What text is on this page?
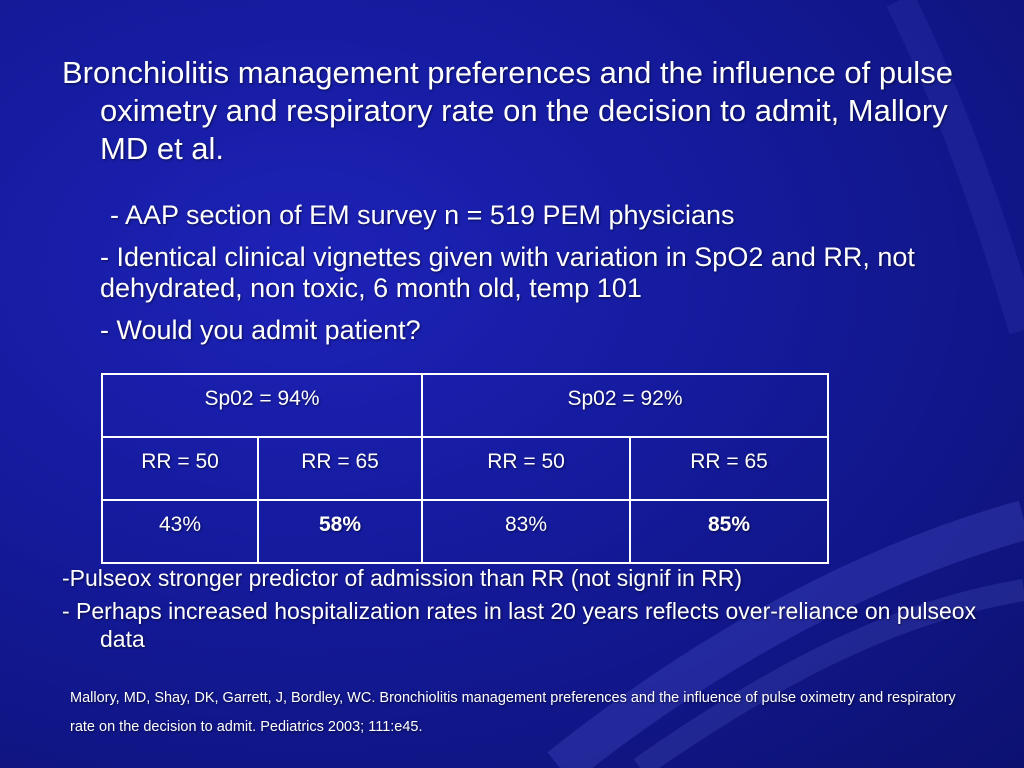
Bronchiolitis management preferences and the influence of pulse oximetry and respiratory rate on the decision to admit, Mallory MD et al.

- AAP section of EM survey n = 519 PEM physicians

- Identical clinical vignettes given with variation in SpO2 and RR, not dehydrated, non toxic, 6 month old, temp 101

- Would you admit patient?

Sp02 = 94%		Sp02 = 92%	
RR = 50	RR = 65	RR = 50	RR = 65
43%	58%	83%	85%

-Pulseox stronger predictor of admission than RR (not signif in RR)

- Perhaps increased hospitalization rates in last 20 years reflects over-reliance on pulseox data

Mallory, MD, Shay, DK, Garrett, J, Bordley, WC. Bronchiolitis management preferences and the influence of pulse oximetry and respiratory rate on the decision to admit. Pediatrics 2003; 111:e45.
